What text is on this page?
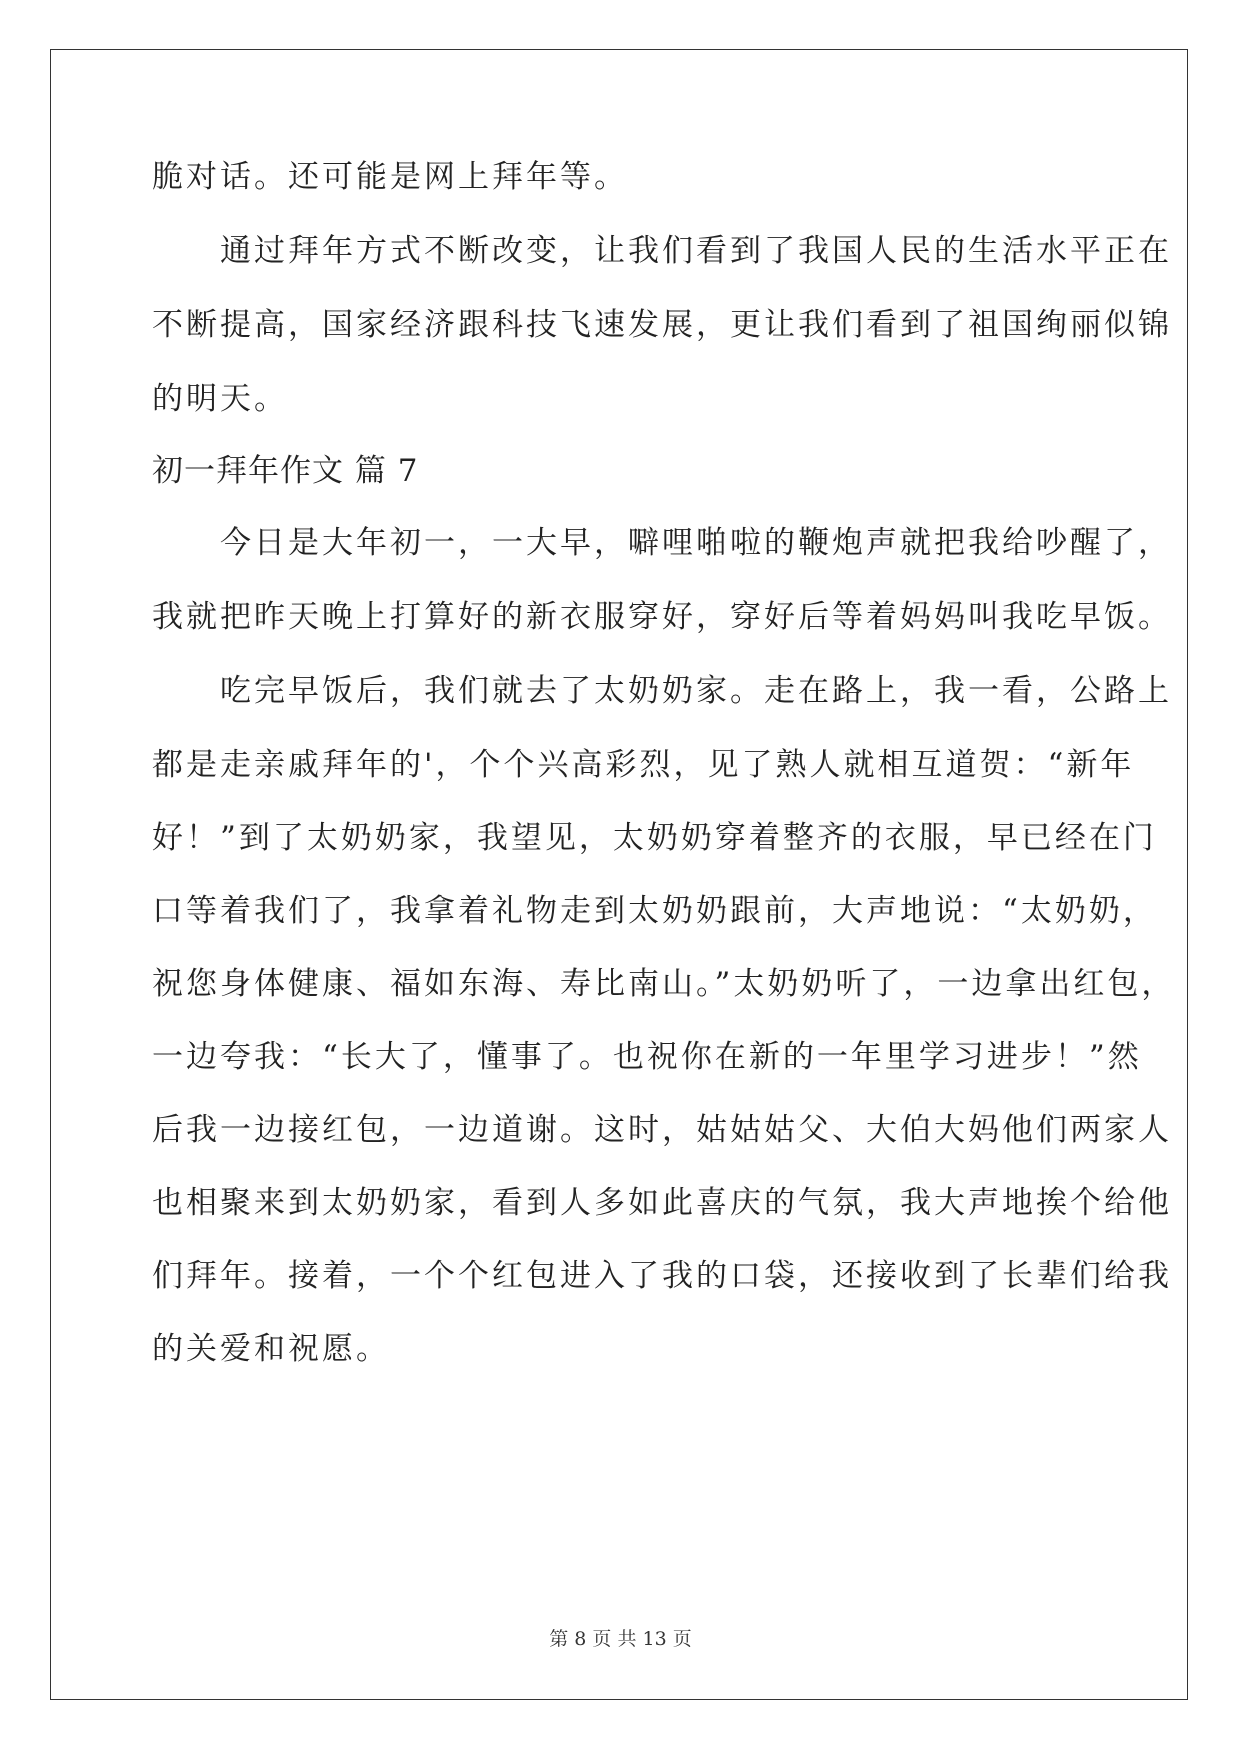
脆对话。还可能是网上拜年等。

　　通过拜年方式不断改变，让我们看到了我国人民的生活水平正在

不断提高，国家经济跟科技飞速发展，更让我们看到了祖国绚丽似锦

的明天。

初一拜年作文 篇 7

　　今日是大年初一，一大早，噼哩啪啦的鞭炮声就把我给吵醒了，

我就把昨天晚上打算好的新衣服穿好，穿好后等着妈妈叫我吃早饭。

　　吃完早饭后，我们就去了太奶奶家。走在路上，我一看，公路上

都是走亲戚拜年的'，个个兴高彩烈，见了熟人就相互道贺：“新年

好！”到了太奶奶家，我望见，太奶奶穿着整齐的衣服，早已经在门

口等着我们了，我拿着礼物走到太奶奶跟前，大声地说：“太奶奶，

祝您身体健康、福如东海、寿比南山。”太奶奶听了，一边拿出红包，

一边夸我：“长大了，懂事了。也祝你在新的一年里学习进步！”然

后我一边接红包，一边道谢。这时，姑姑姑父、大伯大妈他们两家人

也相聚来到太奶奶家，看到人多如此喜庆的气氛，我大声地挨个给他

们拜年。接着，一个个红包进入了我的口袋，还接收到了长辈们给我

的关爱和祝愿。

第 8 页 共 13 页
